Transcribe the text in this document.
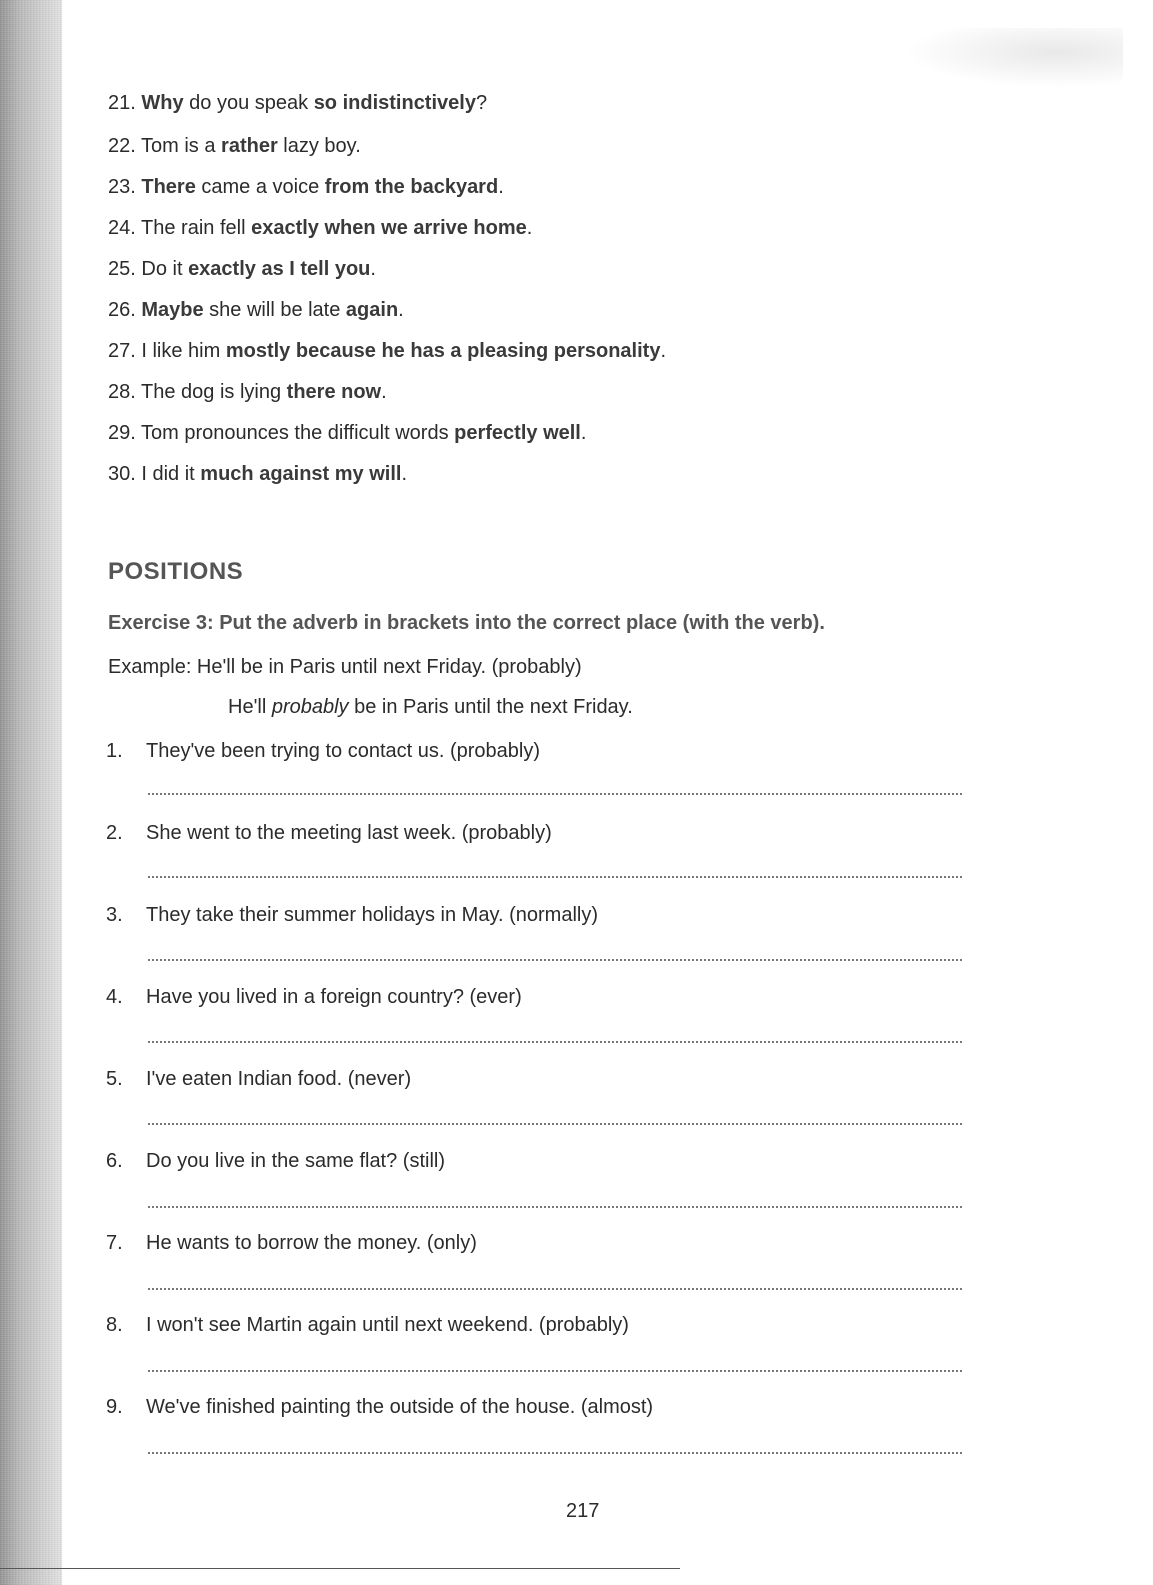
21. Why do you speak so indistinctively?
22. Tom is a rather lazy boy.
23. There came a voice from the backyard.
24. The rain fell exactly when we arrive home.
25. Do it exactly as I tell you.
26. Maybe she will be late again.
27. I like him mostly because he has a pleasing personality.
28. The dog is lying there now.
29. Tom pronounces the difficult words perfectly well.
30. I did it much against my will.
POSITIONS
Exercise 3: Put the adverb in brackets into the correct place (with the verb).
Example: He'll be in Paris until next Friday. (probably)
He'll probably be in Paris until the next Friday.
1. They've been trying to contact us. (probably)
2. She went to the meeting last week. (probably)
3. They take their summer holidays in May. (normally)
4. Have you lived in a foreign country? (ever)
5. I've eaten Indian food. (never)
6. Do you live in the same flat? (still)
7. He wants to borrow the money. (only)
8. I won't see Martin again until next weekend. (probably)
9. We've finished painting the outside of the house. (almost)
217
